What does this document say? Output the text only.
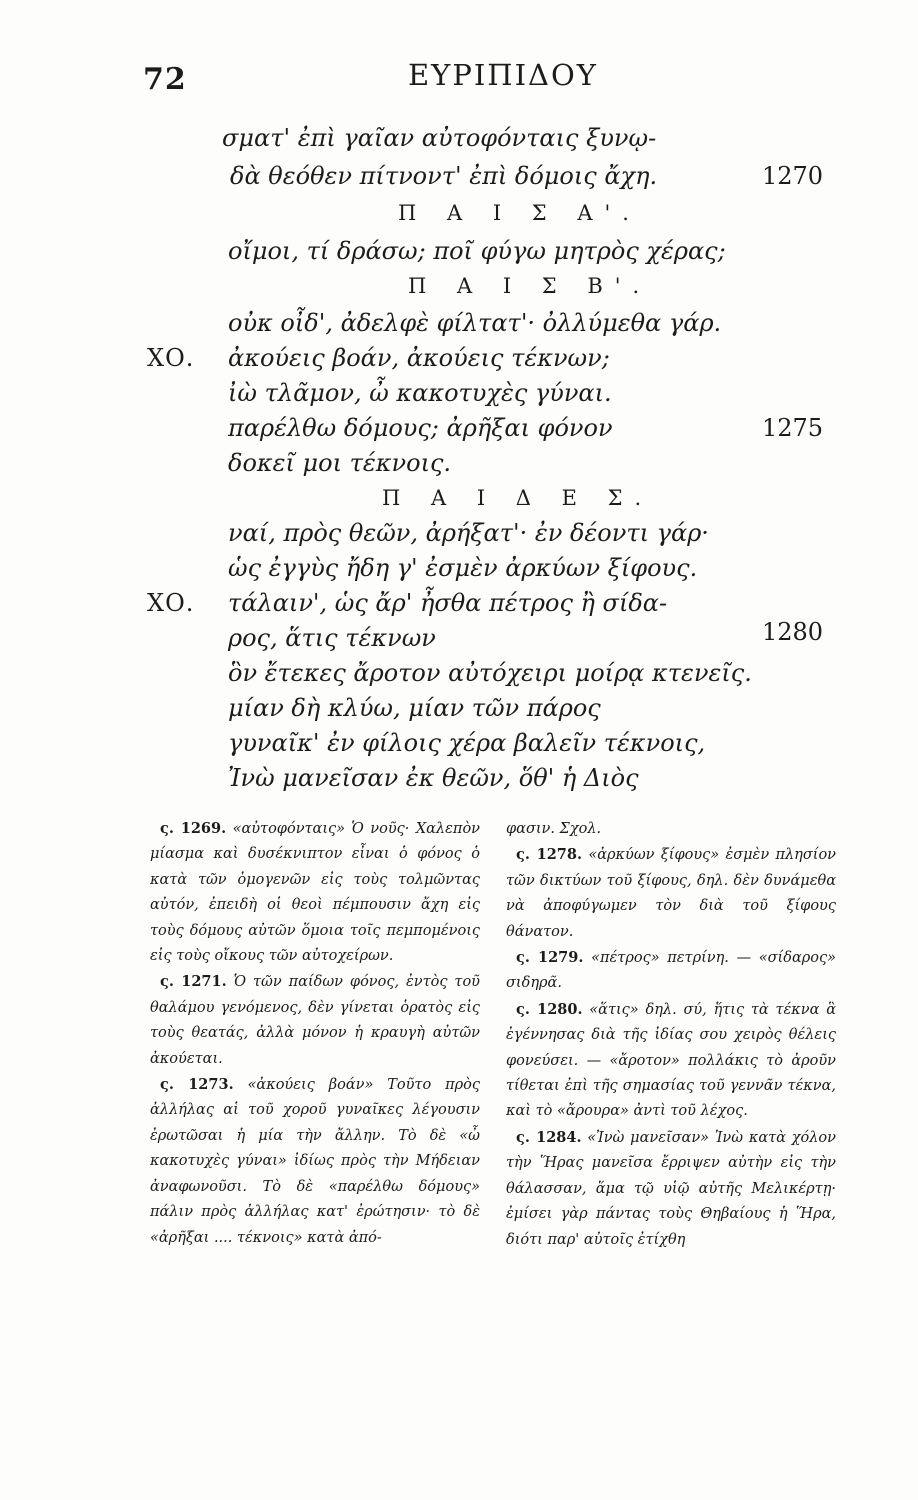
72	ΕΥΡΙΠΙΔΟΥ
σματ' ἐπὶ γαῖαν αὐτοφόνταις ξυνῳ-
δὰ θεόθεν πίτνοντ' ἐπὶ δόμοις ἄχη.	1270
Π Α Ι Σ Α'.
οἴμοι, τί δράσω; ποῖ φύγω μητρὸς χέρας;
Π Α Ι Σ Β'.
οὐκ οἶδ', ἀδελφὲ φίλτατ'· ὀλλύμεθα γάρ.
ΧΟ. ἀκούεις βοάν, ἀκούεις τέκνων;
ἰὼ τλᾶμον, ὦ κακοτυχὲς γύναι.
παρέλθω δόμους; ἀρῆξαι φόνον	1275
δοκεῖ μοι τέκνοις.
Π Α Ι Δ Ε Σ.
ναί, πρὸς θεῶν, ἀρήξατ'· ἐν δέοντι γάρ·
ὡς ἐγγὺς ἤδη γ' ἐσμὲν ἀρκύων ξίφους.
ΧΟ. τάλαιν', ὡς ἄρ' ἦσθα πέτρος ἢ σίδα-
1280
ρος, ἅτις τέκνων
ὃν ἔτεκες ἄροτον αὐτόχειρι μοίρᾳ κτενεῖς.
μίαν δὴ κλύω, μίαν τῶν πάρος
γυναῖκ' ἐν φίλοις χέρα βαλεῖν τέκνοις,
Ἰνὼ μανεῖσαν ἐκ θεῶν, ὅθ' ἡ Διὸς

ς. 1269. «αὐτοφόνταις» Ὁ νοῦς· Χαλεπὸν μίασμα καὶ δυσέκνιπτον εἶναι ὁ φόνος ὁ κατὰ τῶν ὁμογενῶν εἰς τοὺς τολμῶντας αὐτόν, ἐπειδὴ οἱ θεοὶ πέμπουσιν ἄχη εἰς τοὺς δόμους αὐτῶν ὅμοια τοῖς πεμπομένοις εἰς τοὺς οἴκους τῶν αὐτοχείρων.

ς. 1271. Ὁ τῶν παίδων φόνος, ἐντὸς τοῦ θαλάμου γενόμενος, δὲν γίνεται ὁρατὸς εἰς τοὺς θεατάς, ἀλλὰ μόνον ἡ κραυγὴ αὐτῶν ἀκούεται.

ς. 1273. «ἀκούεις βοάν» Τοῦτο πρὸς ἀλλήλας αἱ τοῦ χοροῦ γυναῖκες λέγουσιν ἐρωτῶσαι ἡ μία τὴν ἄλλην. Τὸ δὲ «ὦ κακοτυχὲς γύναι» ἰδίως πρὸς τὴν Μήδειαν ἀναφωνοῦσι. Τὸ δὲ «παρέλθω δόμους» πάλιν πρὸς ἀλλήλας κατ' ἐρώτησιν· τὸ δὲ «ἀρῆξαι .... τέκνοις» κατὰ ἀπό-

φασιν. Σχολ.

ς. 1278. «ἀρκύων ξίφους» ἐσμὲν πλησίον τῶν δικτύων τοῦ ξίφους, δηλ. δὲν δυνάμεθα νὰ ἀποφύγωμεν τὸν διὰ τοῦ ξίφους θάνατον.

ς. 1279. «πέτρος» πετρίνη. — «σίδαρος» σιδηρᾶ.

ς. 1280. «ἅτις» δηλ. σύ, ἥτις τὰ τέκνα ἃ ἐγέννησας διὰ τῆς ἰδίας σου χειρὸς θέλεις φονεύσει. — «ἄροτον» πολλάκις τὸ ἀροῦν τίθεται ἐπὶ τῆς σημασίας τοῦ γεννᾶν τέκνα, καὶ τὸ «ἄρουρα» ἀντὶ τοῦ λέχος.

ς. 1284. «Ἰνὼ μανεῖσαν» Ἰνὼ κατὰ χόλον τὴν Ἥρας μανεῖσα ἔρριψεν αὐτὴν εἰς τὴν θάλασσαν, ἅμα τῷ υἱῷ αὐτῆς Μελικέρτῃ· ἐμίσει γὰρ πάντας τοὺς Θηβαίους ἡ Ἥρα, διότι παρ' αὐτοῖς ἐτίχθη
